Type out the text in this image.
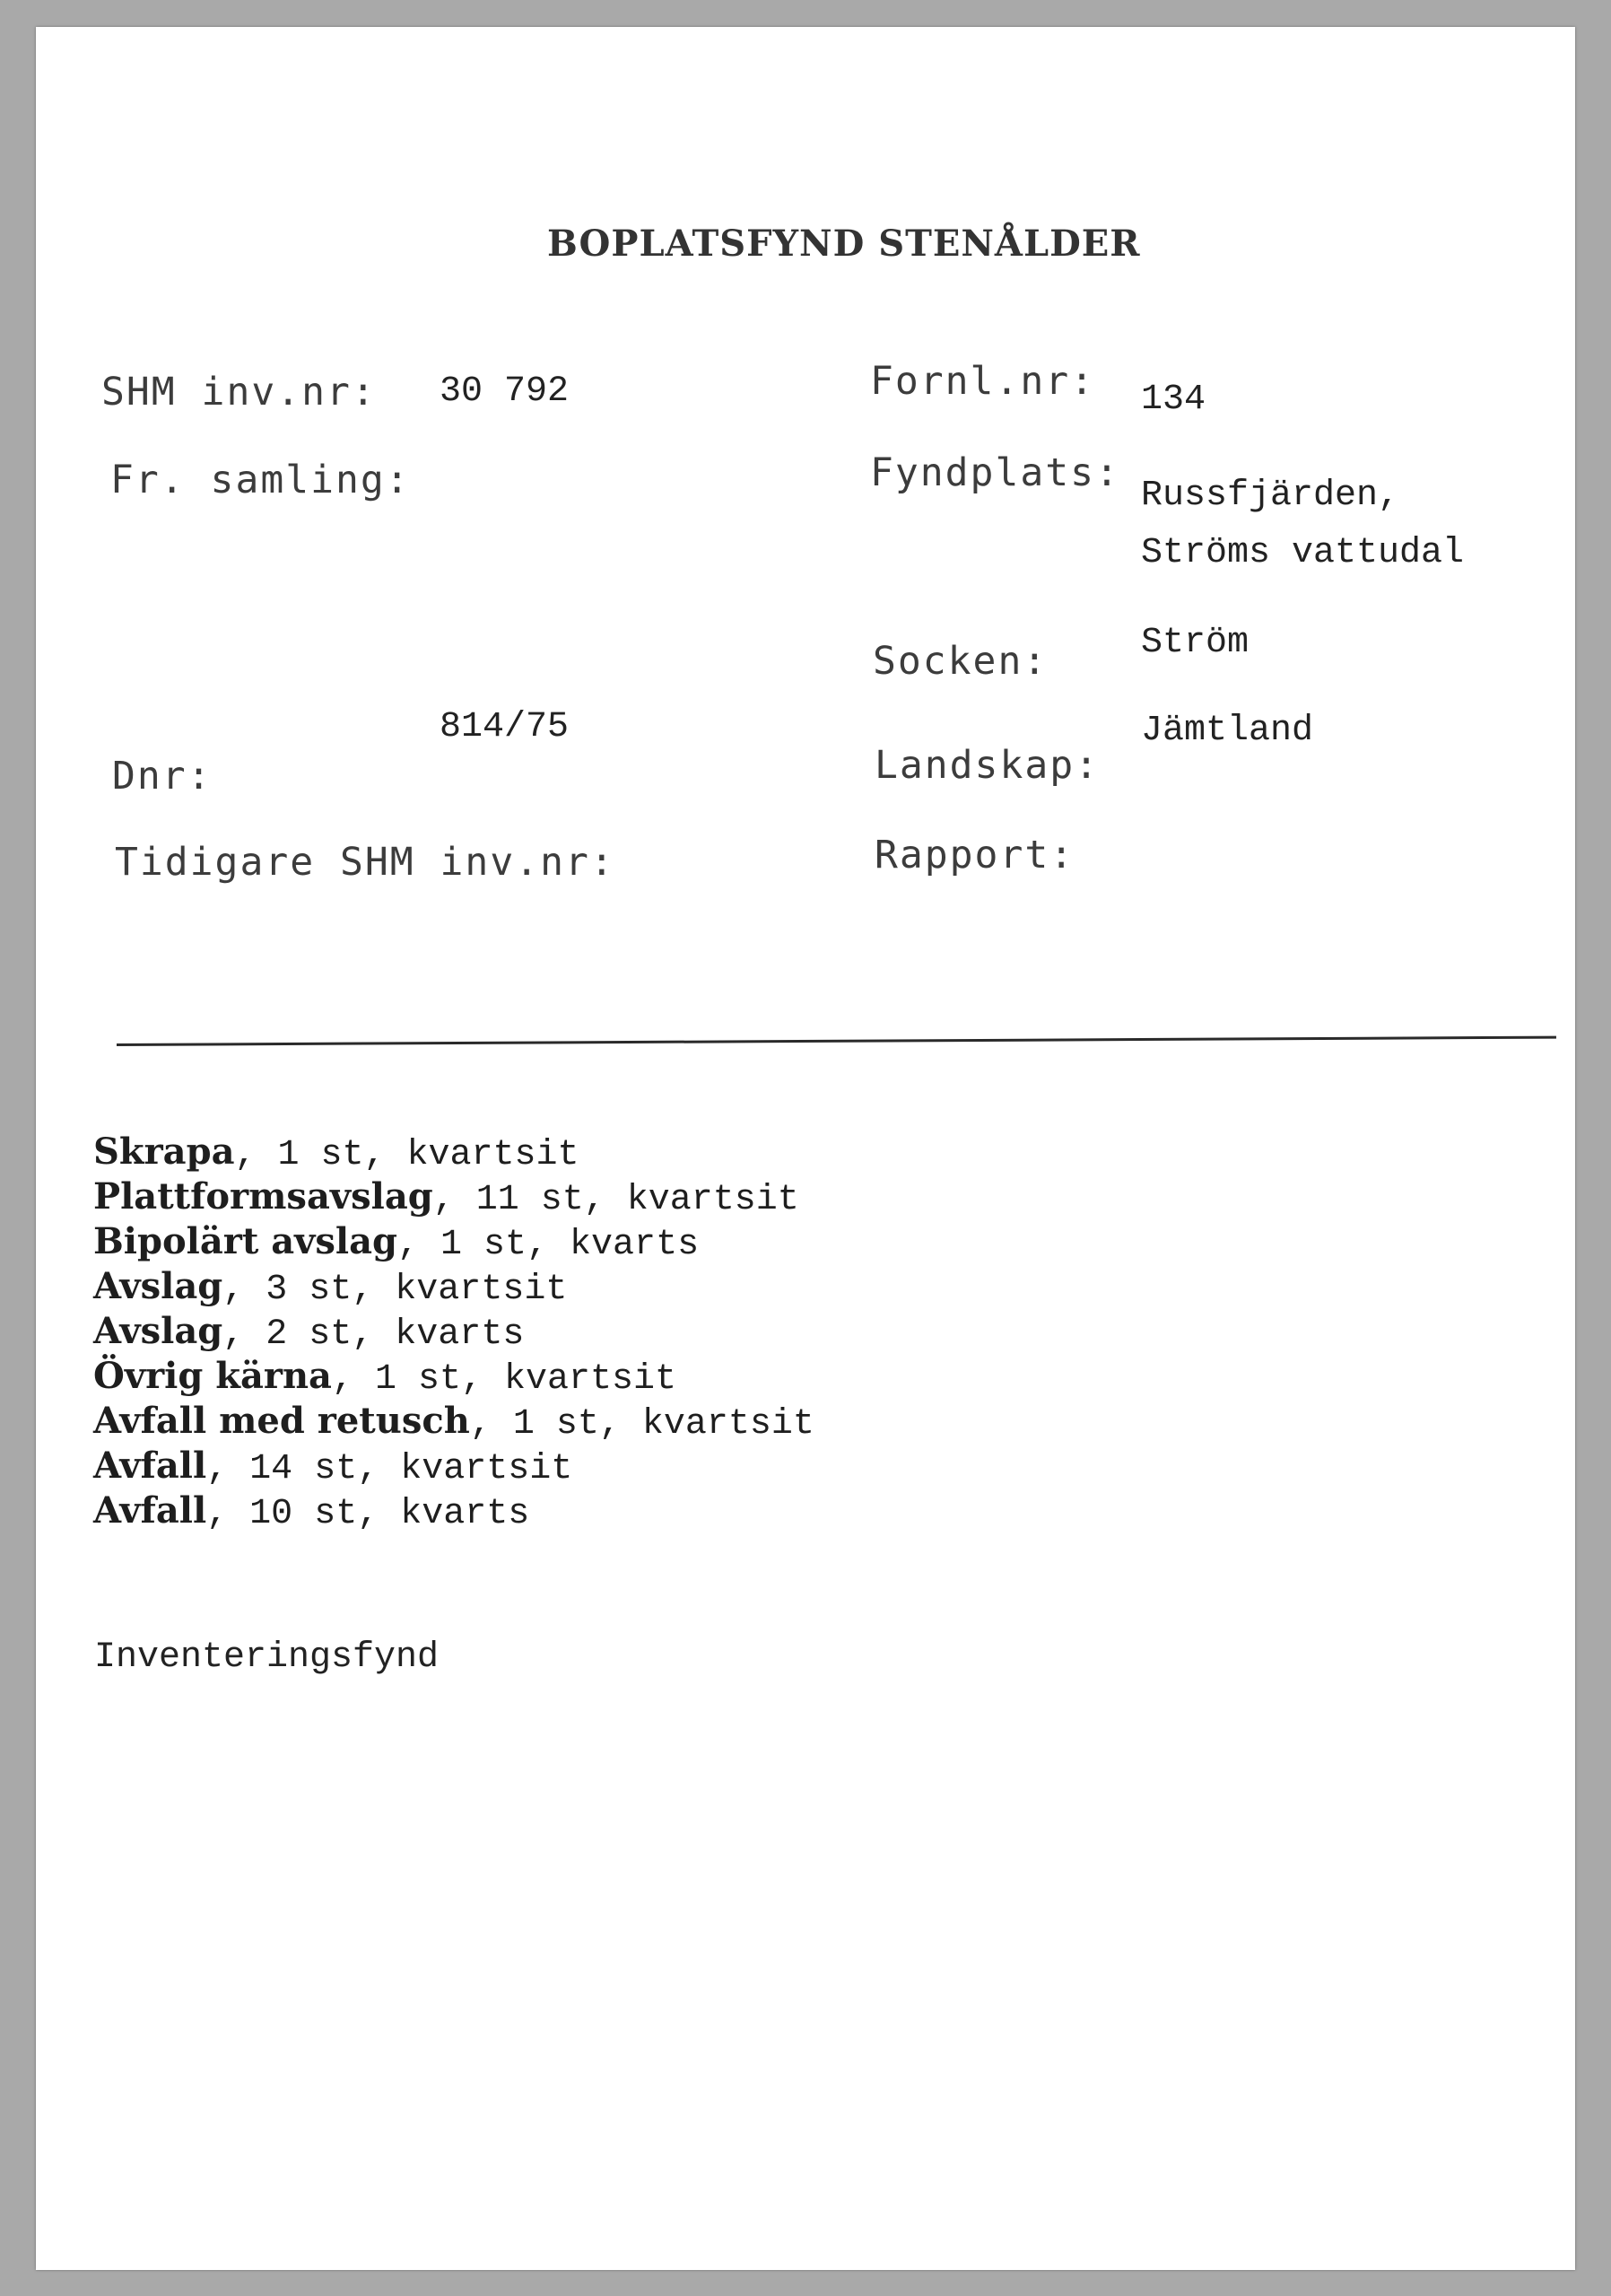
BOPLATSFYND STENÅLDER
SHM inv.nr: 30 792
Fr. samling:
814/75
Dnr:
Tidigare SHM inv.nr:
Fornl.nr: 134
Fyndplats:
Russfjärden,
Ströms vattudal
Socken:	Ström
Landskap:
Jämtland
Rapport:
Skrapa, 1 st, kvartsit
Plattformsavslag, 11 st, kvartsit
Bipolärt avslag, 1 st, kvarts
Avslag, 3 st, kvartsit
Avslag, 2 st, kvarts
Övrig kärna, 1 st, kvartsit
Avfall med retusch, 1 st, kvartsit
Avfall, 14 st, kvartsit
Avfall, 10 st, kvarts
Inventeringsfynd
